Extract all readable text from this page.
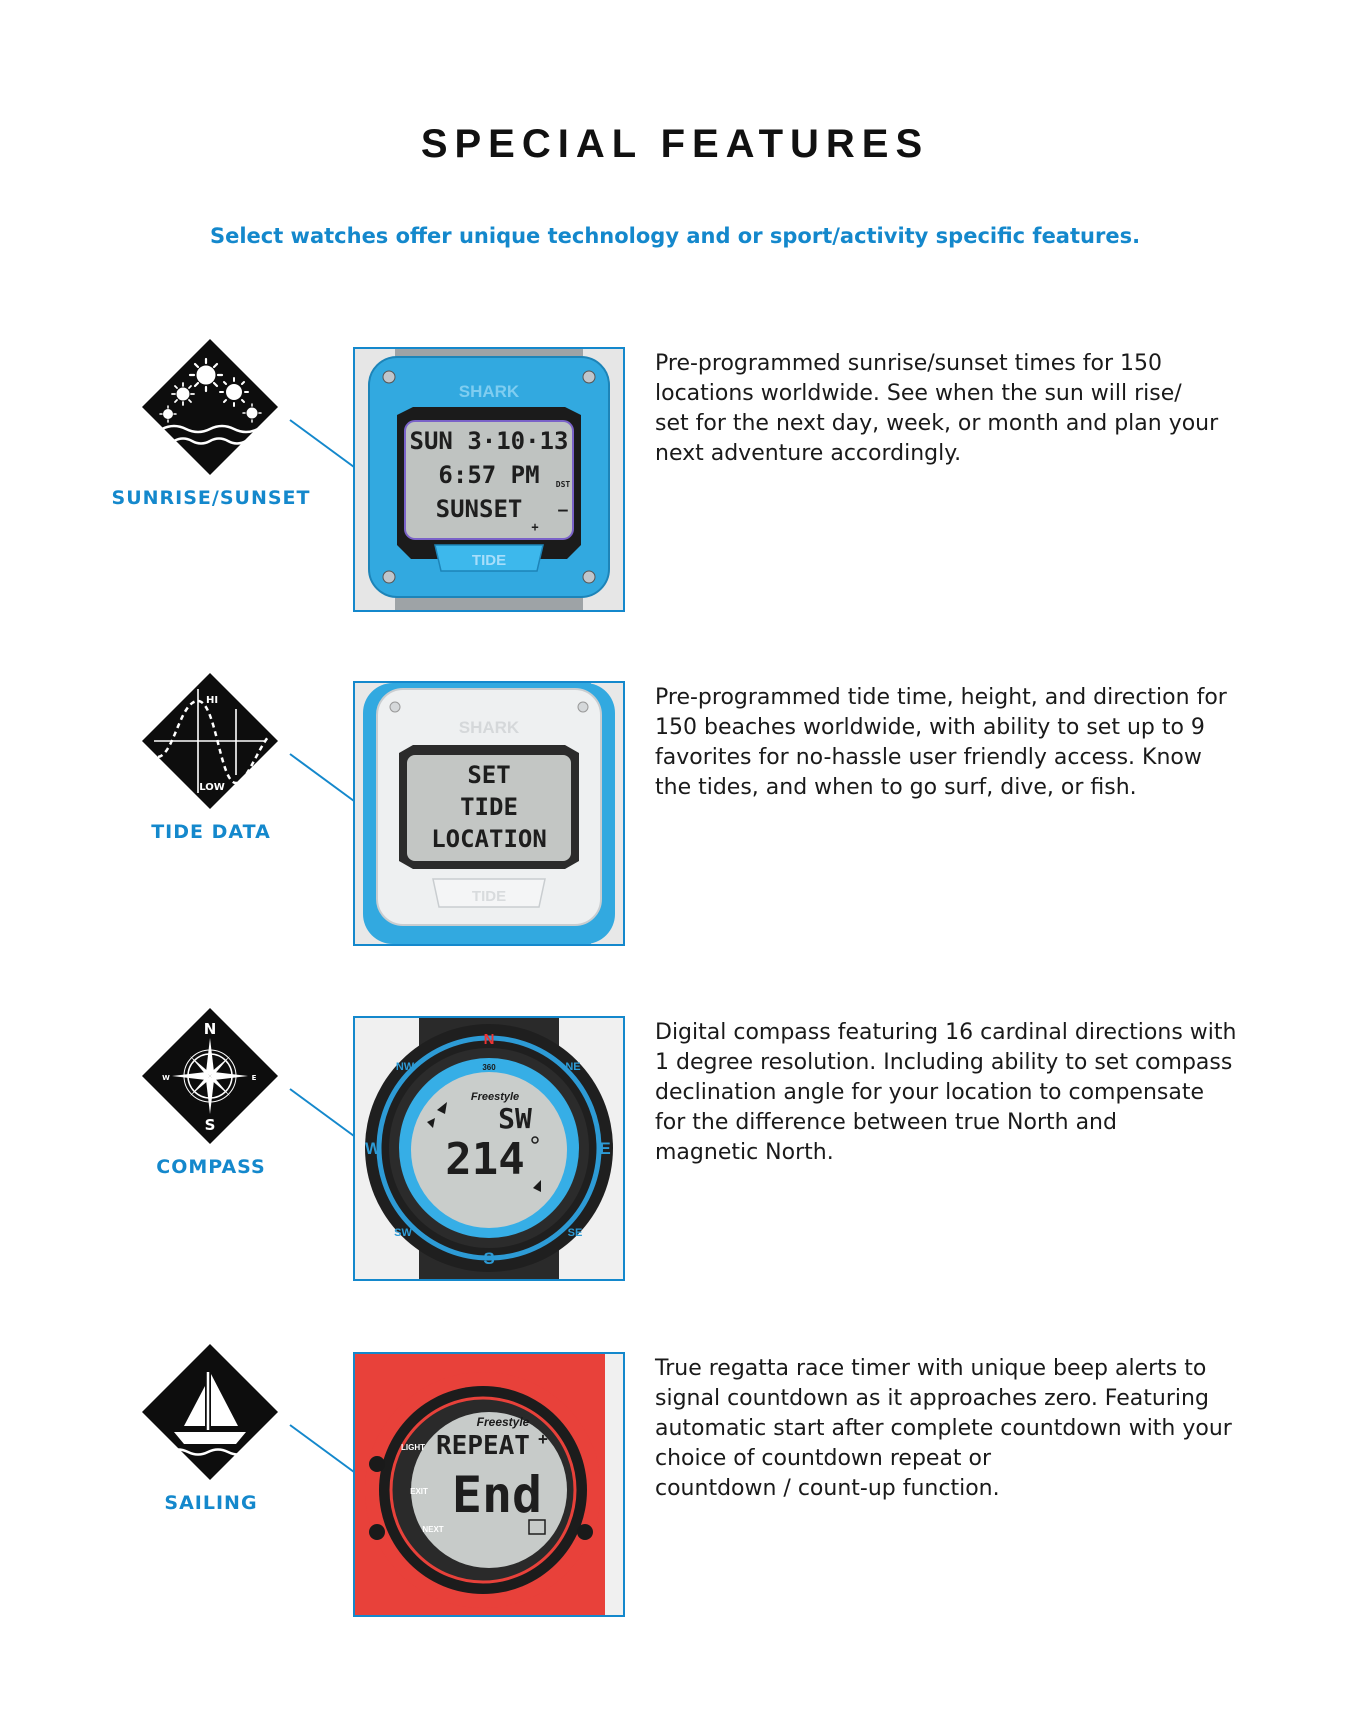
SPECIAL FEATURES
Select watches offer unique technology and or sport/activity specific features.
SUNRISE/SUNSET
SHARK
SUN 3·10·13
6:57 PM
SUNSET
DST
–
+
TIDE
Pre-programmed sunrise/sunset times for 150
locations worldwide. See when the sun will rise/
set for the next day, week, or month and plan your
next adventure accordingly.
HI
LOW
TIDE DATA
SHARK
SET
TIDE
LOCATION
TIDE
Pre-programmed tide time, height, and direction for
150 beaches worldwide, with ability to set up to 9
favorites for no-hassle user friendly access. Know
the tides, and when to go surf, dive, or fish.
N
S
W	E
COMPASS
N
S
W	E
NW	NE
SW	SE
360
Freestyle
SW
214
Digital compass featuring 16 cardinal directions with
1 degree resolution. Including ability to set compass
declination angle for your location to compensate
for the difference between true North and
magnetic North.
SAILING
Freestyle
REPEAT +
End
EXIT
NEXT
LIGHT
True regatta race timer with unique beep alerts to
signal countdown as it approaches zero. Featuring
automatic start after complete countdown with your
choice of countdown repeat or
countdown / count-up function.
